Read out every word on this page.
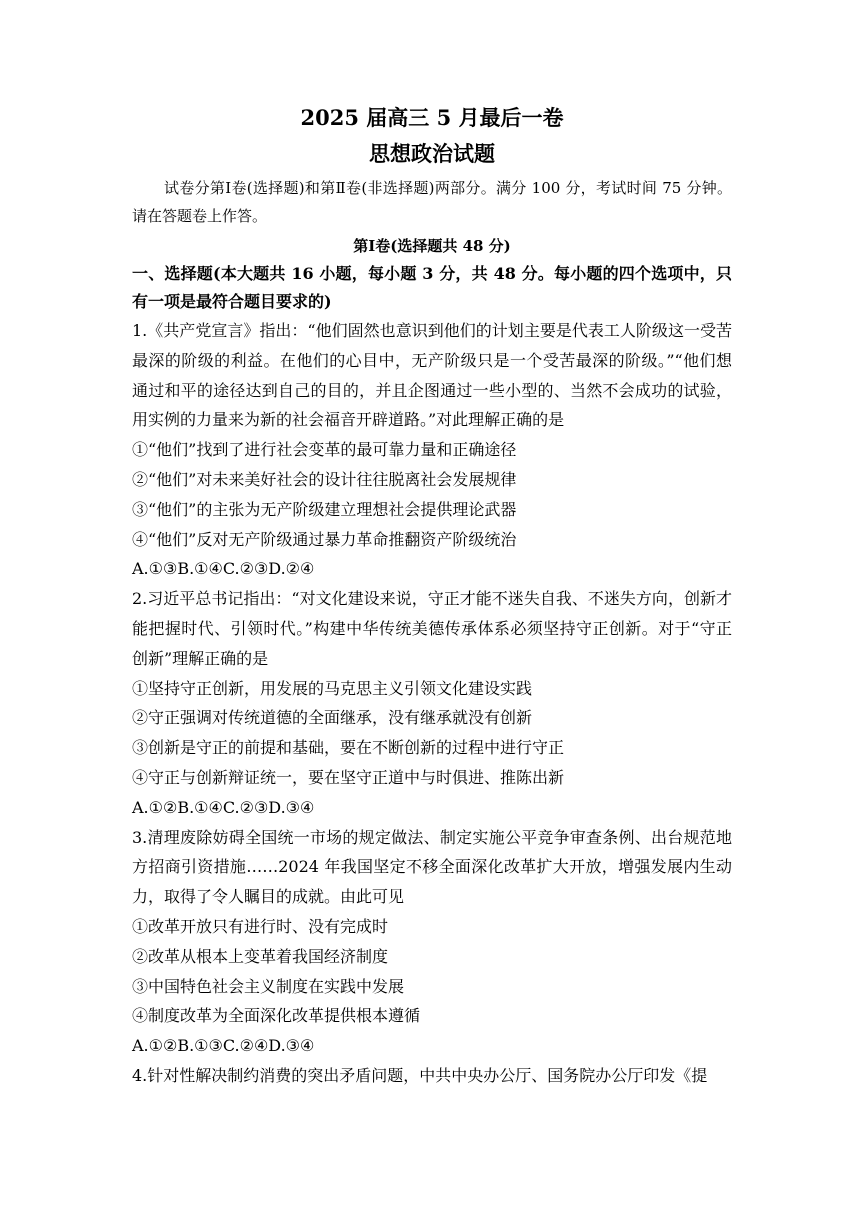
2025 届高三 5 月最后一卷
思想政治试题
试卷分第Ⅰ卷(选择题)和第Ⅱ卷(非选择题)两部分。满分 100 分，考试时间 75 分钟。请在答题卷上作答。
第Ⅰ卷(选择题共 48 分)
一、选择题(本大题共 16 小题，每小题 3 分，共 48 分。每小题的四个选项中，只有一项是最符合题目要求的)
1.《共产党宣言》指出：“他们固然也意识到他们的计划主要是代表工人阶级这一受苦最深的阶级的利益。在他们的心目中，无产阶级只是一个受苦最深的阶级。”“他们想通过和平的途径达到自己的目的，并且企图通过一些小型的、当然不会成功的试验，用实例的力量来为新的社会福音开辟道路。”对此理解正确的是
①“他们”找到了进行社会变革的最可靠力量和正确途径
②“他们”对未来美好社会的设计往往脱离社会发展规律
③“他们”的主张为无产阶级建立理想社会提供理论武器
④“他们”反对无产阶级通过暴力革命推翻资产阶级统治
A.①③B.①④C.②③D.②④
2.习近平总书记指出：“对文化建设来说，守正才能不迷失自我、不迷失方向，创新才能把握时代、引领时代。”构建中华传统美德传承体系必须坚持守正创新。对于“守正创新”理解正确的是
①坚持守正创新，用发展的马克思主义引领文化建设实践
②守正强调对传统道德的全面继承，没有继承就没有创新
③创新是守正的前提和基础，要在不断创新的过程中进行守正
④守正与创新辩证统一，要在坚守正道中与时俱进、推陈出新
A.①②B.①④C.②③D.③④
3.清理废除妨碍全国统一市场的规定做法、制定实施公平竞争审查条例、出台规范地方招商引资措施……2024 年我国坚定不移全面深化改革扩大开放，增强发展内生动力，取得了令人瞩目的成就。由此可见
①改革开放只有进行时、没有完成时
②改革从根本上变革着我国经济制度
③中国特色社会主义制度在实践中发展
④制度改革为全面深化改革提供根本遵循
A.①②B.①③C.②④D.③④
4.针对性解决制约消费的突出矛盾问题，中共中央办公厅、国务院办公厅印发《提
